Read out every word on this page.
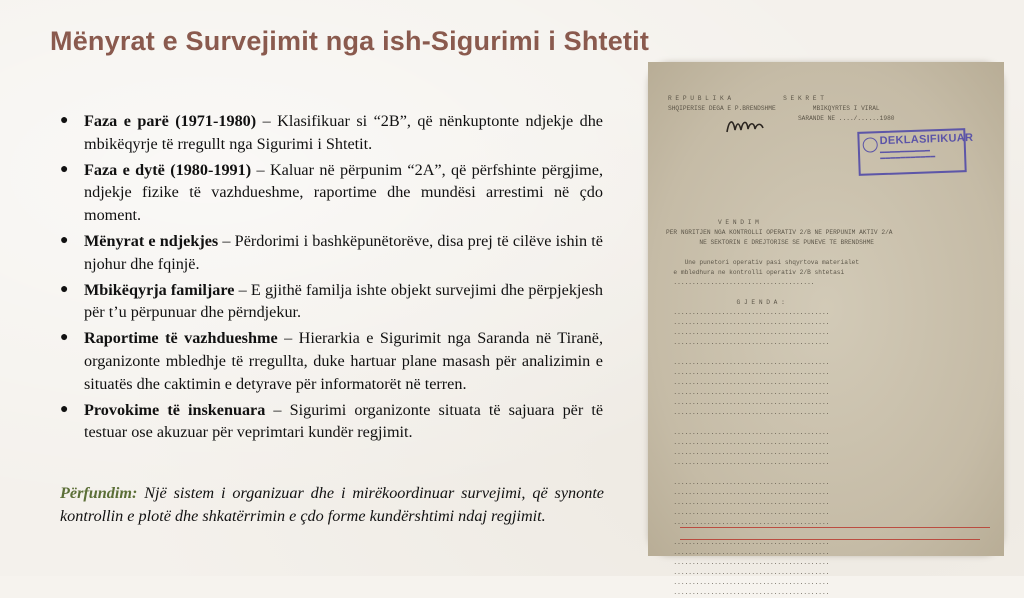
Mënyrat e Survejimit nga ish-Sigurimi i Shtetit
● Faza e parë (1971-1980) – Klasifikuar si “2B”, që nënkuptonte ndjekje dhe mbikëqyrje të rregullt nga Sigurimi i Shtetit.
● Faza e dytë (1980-1991) – Kaluar në përpunim “2A”, që përfshinte përgjime, ndjekje fizike të vazhdueshme, raportime dhe mundësi arrestimi në çdo moment.
● Mënyrat e ndjekjes – Përdorimi i bashkëpunëtorëve, disa prej të cilëve ishin të njohur dhe fqinjë.
● Mbikëqyrja familjare – E gjithë familja ishte objekt survejimi dhe përpjekjesh për t’u përpunuar dhe përndjekur.
● Raportime të vazhdueshme – Hierarkia e Sigurimit nga Saranda në Tiranë, organizonte mbledhje të rregullta, duke hartuar plane masash për analizimin e situatës dhe caktimin e detyrave për informatorët në terren.
● Provokime të inskenuara – Sigurimi organizonte situata të sajuara për të testuar ose akuzuar për veprimtari kundër regjimit.
Përfundim: Një sistem i organizuar dhe i mirëkoordinuar survejimi, që synonte kontrollin e plotë dhe shkatërrimin e çdo forme kundërshtimi ndaj regjimit.
R E P U B L I K A              S E K R E T
SHQIPERISE DEGA E P.BRENDSHME          MBIKQYRTES I VIRAL
SARANDE NE ..../......1980
V E N D I M
PER NGRITJEN NGA KONTROLLI OPERATIV 2/B NE PERPUNIM AKTIV 2/A
NE SEKTORIN E DREJTORISE SE PUNEVE TE BRENDSHME

Une punetori operativ pasi shqyrtova materialet
e mbledhura ne kontrolli operativ 2/B shtetasi
......................................

G J E N D A :
..........................................
..........................................
..........................................
..........................................

..........................................
..........................................
..........................................
..........................................
..........................................
..........................................

..........................................
..........................................
..........................................
..........................................

..........................................
..........................................
..........................................
..........................................
..........................................

..........................................
..........................................
..........................................
..........................................
..........................................
..........................................
DEKLASIFIKUAR
▬▬▬▬▬▬▬▬▬▬
▬▬▬▬▬▬▬▬▬▬▬
